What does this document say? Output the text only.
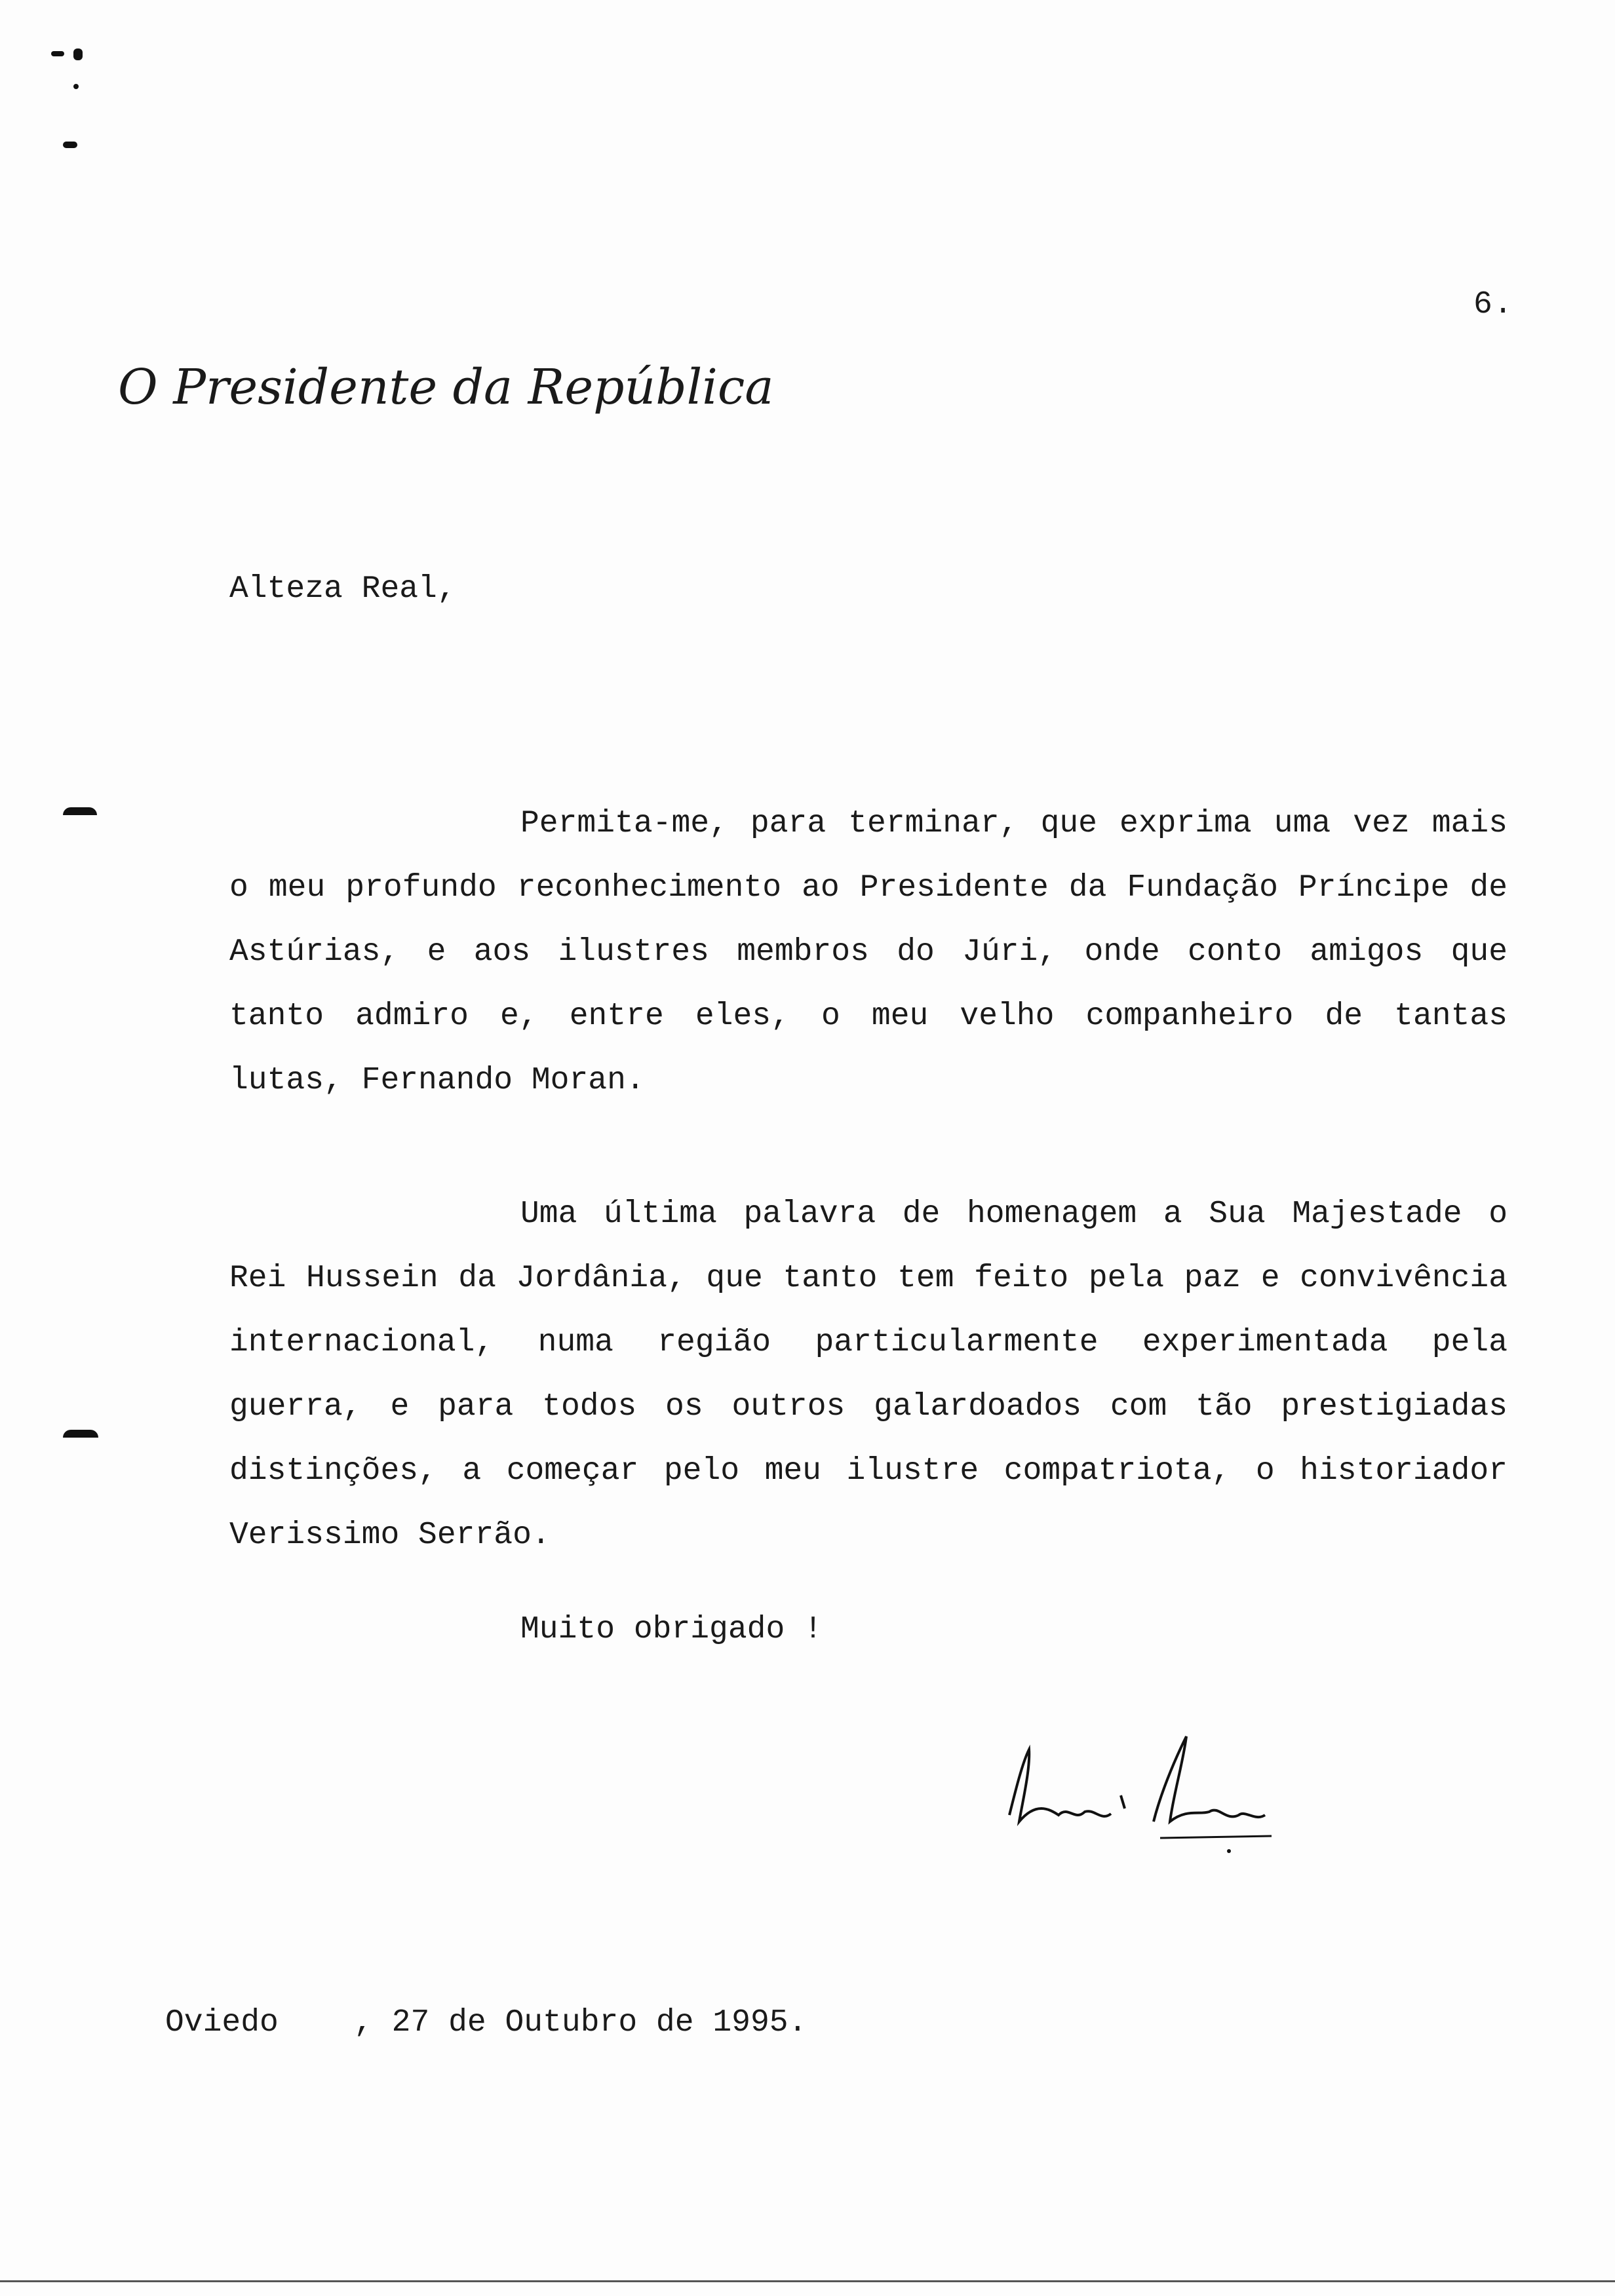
6.
O Presidente da República
Alteza Real,

Permita-me, para terminar, que exprima uma vez mais o meu profundo reconhecimento ao Presidente da Fundação Príncipe de Astúrias, e aos ilustres membros do Júri, onde conto amigos que tanto admiro e, entre eles, o meu velho companheiro de tantas lutas, Fernando Moran.

Uma última palavra de homenagem a Sua Majestade o Rei Hussein da Jordânia, que tanto tem feito pela paz e convivência internacional, numa região particularmente experimentada pela guerra, e para todos os outros galardoados com tão prestigiadas distinções, a começar pelo meu ilustre compatriota, o historiador Verissimo Serrão.

Muito obrigado !
Oviedo , 27 de Outubro de 1995.
